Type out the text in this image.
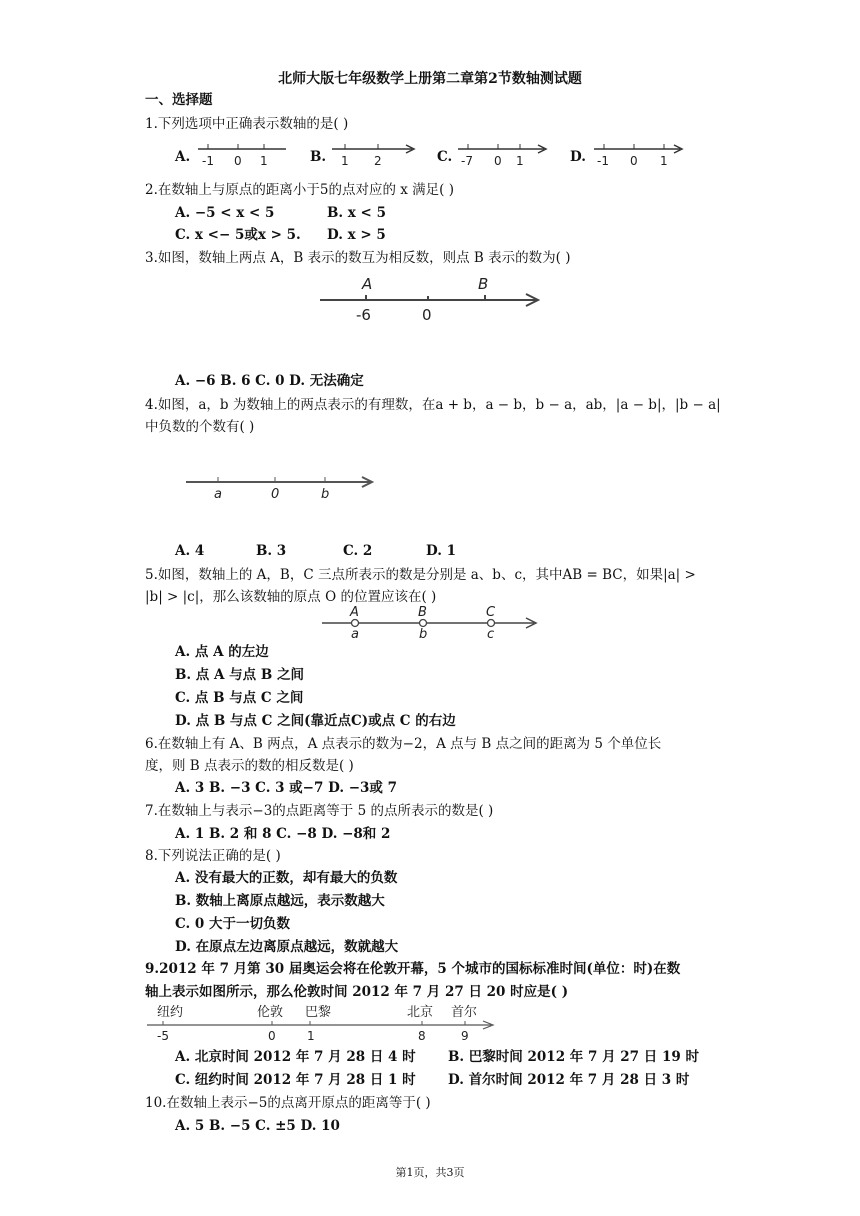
北师大版七年级数学上册第二章第2节数轴测试题
一、选择题
1.下列选项中正确表示数轴的是( )
A. -1 0 1	B. 1 2	C. -7 0 1	D. -1 0 1
2.在数轴上与原点的距离小于5的点对应的 x 满足( )
A. −5 < x < 5	B. x < 5
C. x <− 5或x > 5. D. x > 5
3.如图，数轴上两点 A，B 表示的数互为相反数，则点 B 表示的数为( )
A	B
-6	0
A. −6 B. 6 C. 0 D. 无法确定
4.如图，a，b 为数轴上的两点表示的有理数，在a + b，a − b，b − a，ab，|a − b|，|b − a|
中负数的个数有( )
a	0	b
A. 4	B. 3	C. 2	D. 1
5.如图，数轴上的 A，B，C 三点所表示的数是分别是 a、b、c，其中AB = BC，如果|a| >
|b| > |c|，那么该数轴的原点 O 的位置应该在( )
A	B	C
a	b	c
A. 点 A 的左边
B. 点 A 与点 B 之间
C. 点 B 与点 C 之间
D. 点 B 与点 C 之间(靠近点C)或点 C 的右边
6.在数轴上有 A、B 两点，A 点表示的数为−2，A 点与 B 点之间的距离为 5 个单位长
度，则 B 点表示的数的相反数是( )
A. 3 B. −3 C. 3 或−7 D. −3或 7
7.在数轴上与表示−3的点距离等于 5 的点所表示的数是( )
A. 1 B. 2 和 8 C. −8 D. −8和 2
8.下列说法正确的是( )
A. 没有最大的正数，却有最大的负数
B. 数轴上离原点越远，表示数越大
C. 0 大于一切负数
D. 在原点左边离原点越远，数就越大
9.2012 年 7 月第 30 届奥运会将在伦敦开幕，5 个城市的国标标准时间(单位：时)在数
轴上表示如图所示，那么伦敦时间 2012 年 7 月 27 日 20 时应是( )
纽约	伦敦 巴黎	北京 首尔
-5	0	1	8	9
A. 北京时间 2012 年 7 月 28 日 4 时 B. 巴黎时间 2012 年 7 月 27 日 19 时
C. 纽约时间 2012 年 7 月 28 日 1 时 D. 首尔时间 2012 年 7 月 28 日 3 时
10.在数轴上表示−5的点离开原点的距离等于( )
A. 5 B. −5 C. ±5 D. 10
第1页，共3页
